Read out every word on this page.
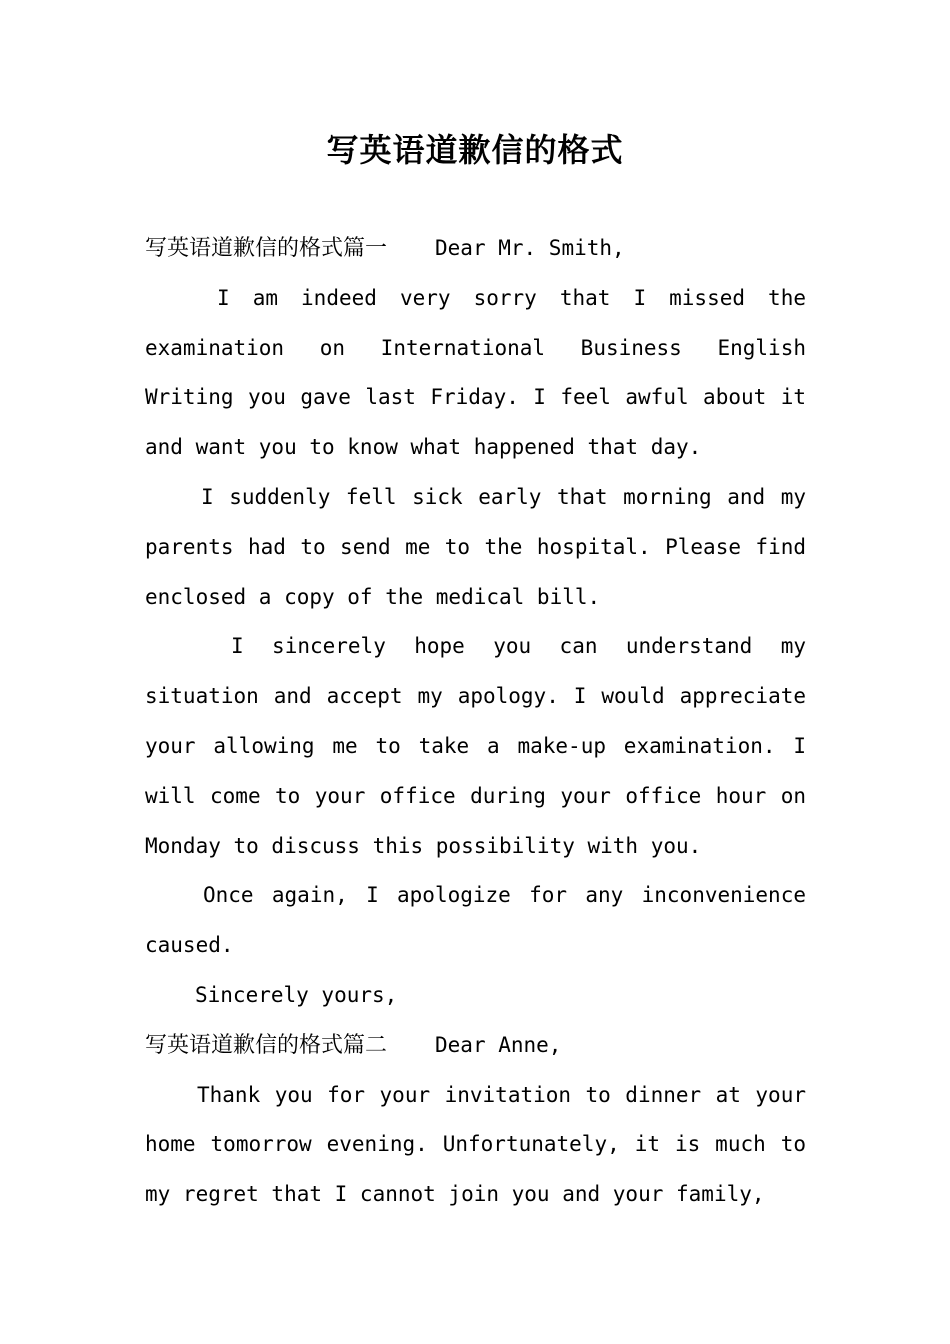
写英语道歉信的格式

写英语道歉信的格式篇一 Dear Mr. Smith,

I am indeed very sorry that I missed the examination on International Business English Writing you gave last Friday. I feel awful about it and want you to know what happened that day.

I suddenly fell sick early that morning and my parents had to send me to the hospital. Please find enclosed a copy of the medical bill.

I sincerely hope you can understand my situation and accept my apology. I would appreciate your allowing me to take a make-up examination. I will come to your office during your office hour on Monday to discuss this possibility with you.

Once again, I apologize for any inconvenience caused.

Sincerely yours,

写英语道歉信的格式篇二 Dear Anne,

Thank you for your invitation to dinner at your home tomorrow evening. Unfortunately, it is much to my regret that I cannot join you and your family,
